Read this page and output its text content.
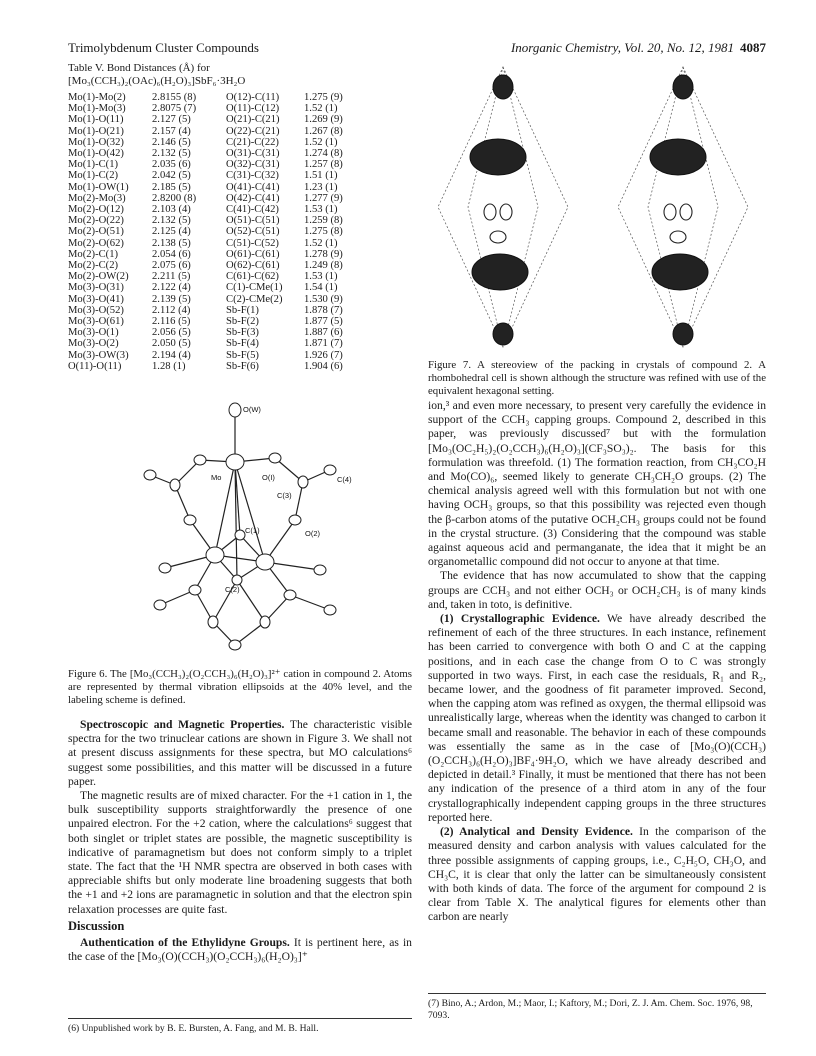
Trimolybdenum Cluster Compounds	Inorganic Chemistry, Vol. 20, No. 12, 1981 4087
Table V. Bond Distances (Å) for
[Mo₃(CCH₃)₂(OAc)₆(H₂O)₃]SbF₆·3H₂O
Mo(1)-Mo(2)	2.8155 (8)	O(12)-C(11)	1.275 (9)
Mo(1)-Mo(3)	2.8075 (7)	O(11)-C(12)	1.52 (1)
Mo(1)-O(11)	2.127 (5)	O(21)-C(21)	1.269 (9)
Mo(1)-O(21)	2.157 (4)	O(22)-C(21)	1.267 (8)
Mo(1)-O(32)	2.146 (5)	C(21)-C(22)	1.52 (1)
Mo(1)-O(42)	2.132 (5)	O(31)-C(31)	1.274 (8)
Mo(1)-C(1)	2.035 (6)	O(32)-C(31)	1.257 (8)
Mo(1)-C(2)	2.042 (5)	C(31)-C(32)	1.51 (1)
Mo(1)-OW(1)	2.185 (5)	O(41)-C(41)	1.23 (1)
Mo(2)-Mo(3)	2.8200 (8)	O(42)-C(41)	1.277 (9)
Mo(2)-O(12)	2.103 (4)	C(41)-C(42)	1.53 (1)
Mo(2)-O(22)	2.132 (5)	O(51)-C(51)	1.259 (8)
Mo(2)-O(51)	2.125 (4)	O(52)-C(51)	1.275 (8)
Mo(2)-O(62)	2.138 (5)	C(51)-C(52)	1.52 (1)
Mo(2)-C(1)	2.054 (6)	O(61)-C(61)	1.278 (9)
Mo(2)-C(2)	2.075 (6)	O(62)-C(61)	1.249 (8)
Mo(2)-OW(2)	2.211 (5)	C(61)-C(62)	1.53 (1)
Mo(3)-O(31)	2.122 (4)	C(1)-CMe(1)	1.54 (1)
Mo(3)-O(41)	2.139 (5)	C(2)-CMe(2)	1.530 (9)
Mo(3)-O(52)	2.112 (4)	Sb-F(1)	1.878 (7)
Mo(3)-O(61)	2.116 (5)	Sb-F(2)	1.877 (5)
Mo(3)-O(1)	2.056 (5)	Sb-F(3)	1.887 (6)
Mo(3)-O(2)	2.050 (5)	Sb-F(4)	1.871 (7)
Mo(3)-OW(3)	2.194 (4)	Sb-F(5)	1.926 (7)
O(11)-O(11)	1.28 (1)	Sb-F(6)	1.904 (6)
O(W)
Mo	O(I)	C(4)
C(3)
C(1)	O(2)
C(2)
Figure 6. The [Mo₃(CCH₃)₂(O₂CCH₃)₆(H₂O)₃]²⁺ cation in compound 2. Atoms are represented by thermal vibration ellipsoids at the 40% level, and the labeling scheme is defined.
Figure 7. A stereoview of the packing in crystals of compound 2. A rhombohedral cell is shown although the structure was refined with use of the equivalent hexagonal setting.

Spectroscopic and Magnetic Properties. The characteristic visible spectra for the two trinuclear cations are shown in Figure 3. We shall not at present discuss assignments for these spectra, but MO calculations⁶ suggest some possibilities, and this matter will be discussed in a future paper.

The magnetic results are of mixed character. For the +1 cation in 1, the bulk susceptibility supports straightforwardly the presence of one unpaired electron. For the +2 cation, where the calculations⁶ suggest that both singlet or triplet states are possible, the magnetic susceptibility is indicative of paramagnetism but does not conform simply to a triplet state. The fact that the ¹H NMR spectra are observed in both cases with appreciable shifts but only moderate line broadening suggests that both the +1 and +2 ions are paramagnetic in solution and that the electron spin relaxation processes are quite fast.

Discussion

Authentication of the Ethylidyne Groups. It is pertinent here, as in the case of the [Mo₃(O)(CCH₃)(O₂CCH₃)₆(H₂O)₃]⁺

ion,³ and even more necessary, to present very carefully the evidence in support of the CCH₃ capping groups. Compound 2, described in this paper, was previously discussed⁷ but with the formulation [Mo₃(OC₂H₅)₂(O₂CCH₃)₆(H₂O)₃](CF₃SO₃)₂. The basis for this formulation was threefold. (1) The formation reaction, from CH₃CO₂H and Mo(CO)₆, seemed likely to generate CH₃CH₂O groups. (2) The chemical analysis agreed well with this formulation but not with one having OCH₃ groups, so that this possibility was rejected even though the β-carbon atoms of the putative OCH₂CH₃ groups could not be found in the crystal structure. (3) Considering that the compound was stable against aqueous acid and permanganate, the idea that it might be an organometallic compound did not occur to anyone at that time.

The evidence that has now accumulated to show that the capping groups are CCH₃ and not either OCH₃ or OCH₂CH₃ is of many kinds and, taken in toto, is definitive.

(1) Crystallographic Evidence. We have already described the refinement of each of the three structures. In each instance, refinement has been carried to convergence with both O and C at the capping positions, and in each case the change from O to C was strongly supported in two ways. First, in each case the residuals, R₁ and R₂, became lower, and the goodness of fit parameter improved. Second, when the capping atom was refined as oxygen, the thermal ellipsoid was unrealistically large, whereas when the identity was changed to carbon it became small and reasonable. The behavior in each of these compounds was essentially the same as in the case of [Mo₃(O)(CCH₃)(O₂CCH₃)₆(H₂O)₃]BF₄·9H₂O, which we have already described and depicted in detail.³ Finally, it must be mentioned that there has not been any indication of the presence of a third atom in any of the four crystallographically independent capping groups in the three structures reported here.

(2) Analytical and Density Evidence. In the comparison of the measured density and carbon analysis with values calculated for the three possible assignments of capping groups, i.e., C₂H₅O, CH₃O, and CH₃C, it is clear that only the latter can be simultaneously consistent with both kinds of data. The force of the argument for compound 2 is clear from Table X. The analytical figures for elements other than carbon are nearly

(6) Unpublished work by B. E. Bursten, A. Fang, and M. B. Hall.
(7) Bino, A.; Ardon, M.; Maor, I.; Kaftory, M.; Dori, Z. J. Am. Chem. Soc. 1976, 98, 7093.
